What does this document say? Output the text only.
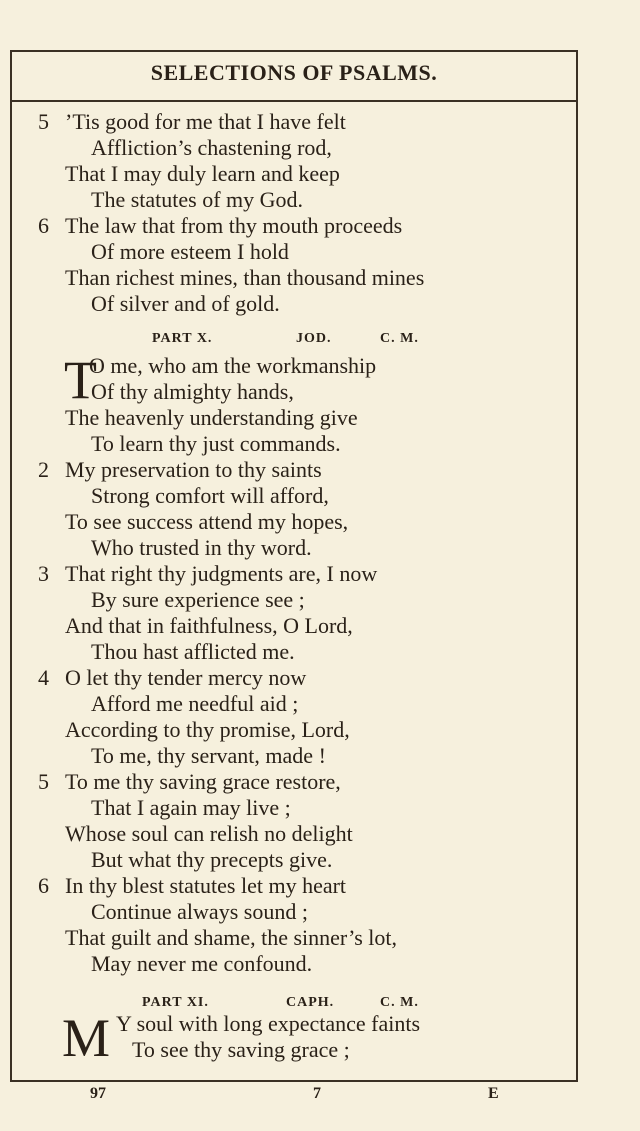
SELECTIONS OF PSALMS.
5 ’Tis good for me that I have felt
Affliction’s chastening rod,
That I may duly learn and keep
The statutes of my God.
6 The law that from thy mouth proceeds
Of more esteem I hold
Than richest mines, than thousand mines
Of silver and of gold.
PART X.	JOD.	C. M.
T
O me, who am the workmanship
Of thy almighty hands,
The heavenly understanding give
To learn thy just commands.
2 My preservation to thy saints
Strong comfort will afford,
To see success attend my hopes,
Who trusted in thy word.
3 That right thy judgments are, I now
By sure experience see ;
And that in faithfulness, O Lord,
Thou hast afflicted me.
4 O let thy tender mercy now
Afford me needful aid ;
According to thy promise, Lord,
To me, thy servant, made !
5 To me thy saving grace restore,
That I again may live ;
Whose soul can relish no delight
But what thy precepts give.
6 In thy blest statutes let my heart
Continue always sound ;
That guilt and shame, the sinner’s lot,
May never me confound.
PART XI.	CAPH.	C. M.
M Y soul with long expectance faints
To see thy saving grace ;
97	7	E
